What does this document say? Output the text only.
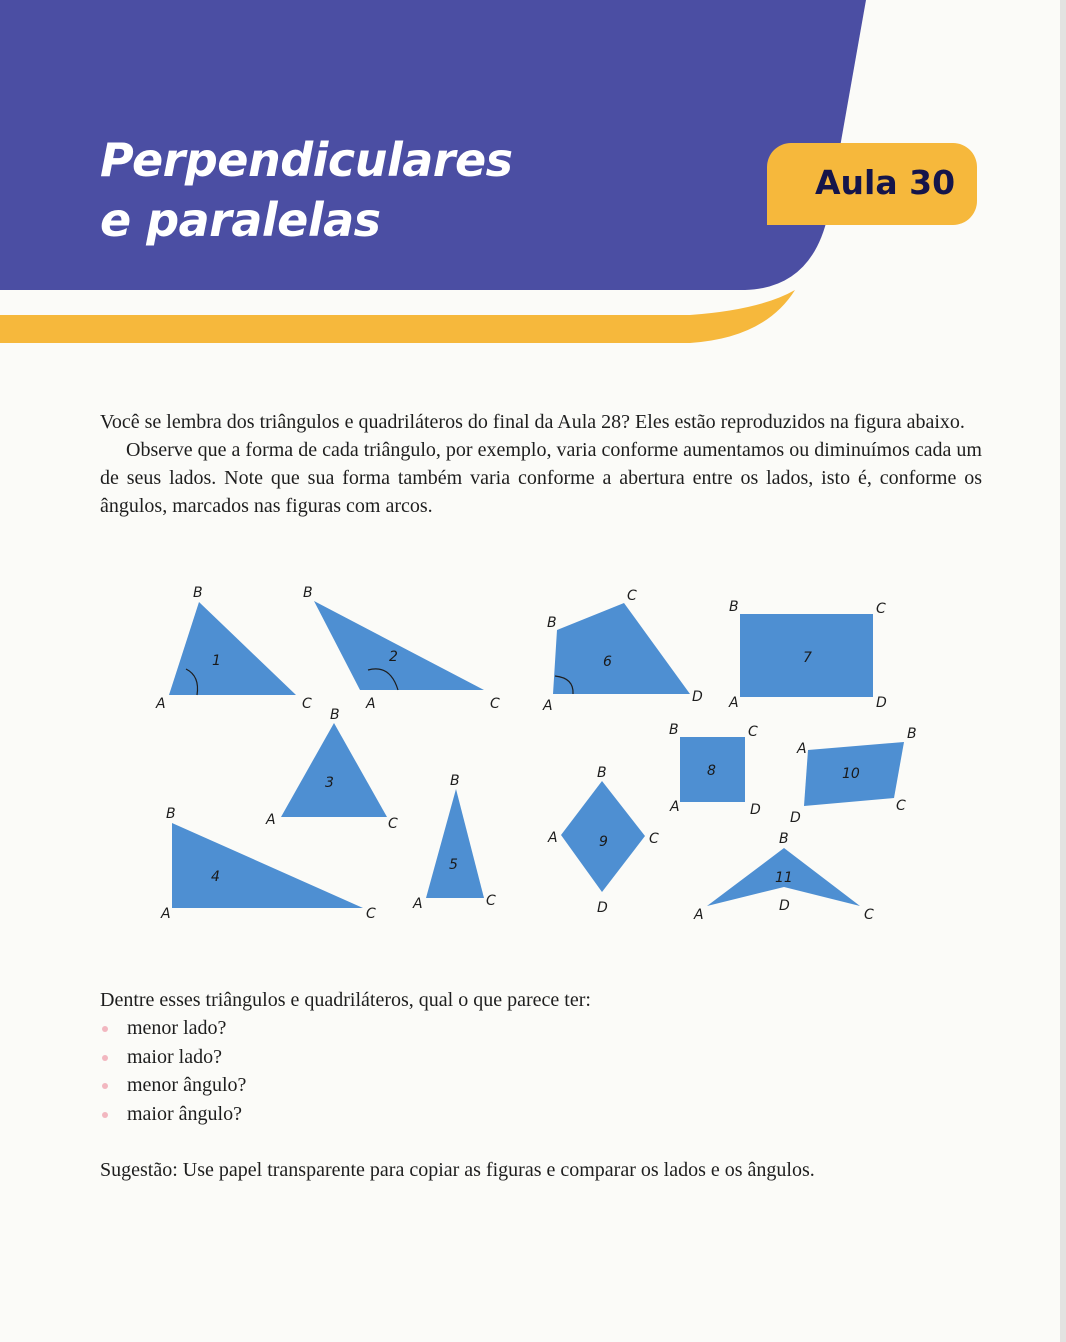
Perpendiculares
e paralelas
Aula 30

Você se lembra dos triângulos e quadriláteros do final da Aula 28? Eles estão reproduzidos na figura abaixo.

Observe que a forma de cada triângulo, por exemplo, varia conforme aumentamos ou diminuímos cada um de seus lados. Note que sua forma também varia conforme a abertura entre os lados, isto é, conforme os ângulos, marcados nas figuras com arcos.

1
A
B
C
2
A
B
C
3
A
B
C
4
A
B
C
5
A
B
C
6
A
B
C
D
7
A
B	C
D
8
A
B	C
D
9
A
B
C
D
10
A
B
C
D
11
A
B
C
D

Dentre esses triângulos e quadriláteros, qual o que parece ter:

menor lado?
maior lado?
menor ângulo?
maior ângulo?

Sugestão: Use papel transparente para copiar as figuras e comparar os lados e os ângulos.
